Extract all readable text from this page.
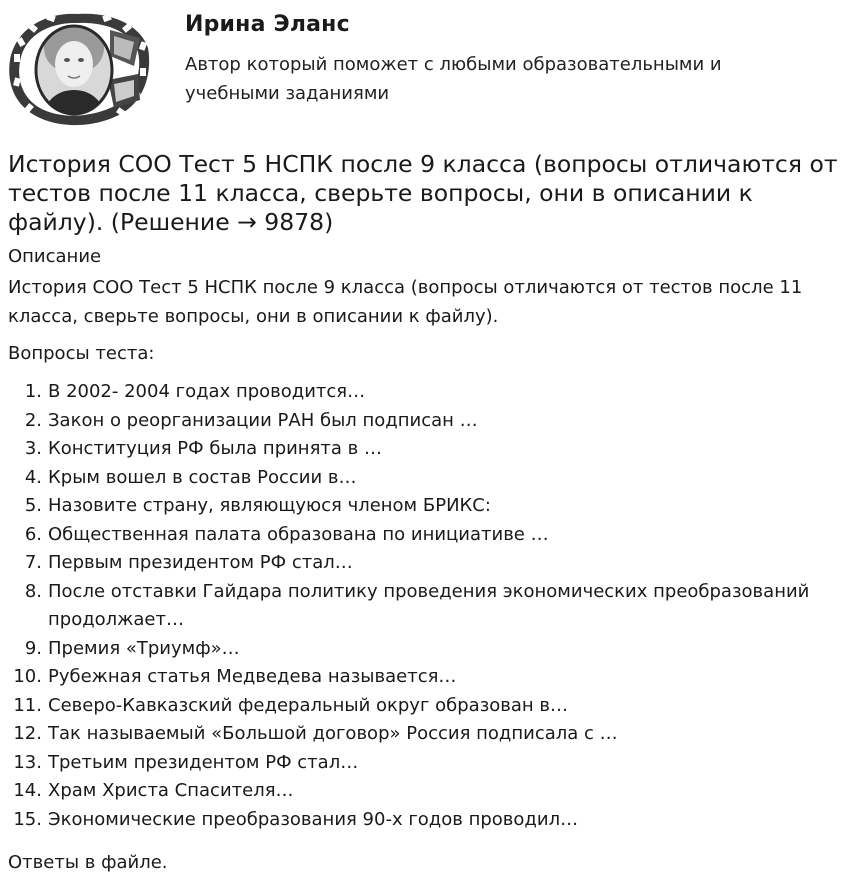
Ирина Эланс
Автор который поможет с любыми образовательными и учебными заданиями
История СОО Тест 5 НСПК после 9 класса (вопросы отличаются от тестов после 11 класса, сверьте вопросы, они в описании к файлу). (Решение → 9878)
Описание
История СОО Тест 5 НСПК после 9 класса (вопросы отличаются от тестов после 11 класса, сверьте вопросы, они в описании к файлу).
Вопросы теста:
1. В 2002- 2004 годах проводится…
2. Закон о реорганизации РАН был подписан …
3. Конституция РФ была принята в …
4. Крым вошел в состав России в…
5. Назовите страну, являющуюся членом БРИКС:
6. Общественная палата образована по инициативе …
7. Первым президентом РФ стал…
8. После отставки Гайдара политику проведения экономических преобразований продолжает…
9. Премия «Триумф»…
10. Рубежная статья Медведева называется…
11. Северо-Кавказский федеральный округ образован в…
12. Так называемый «Большой договор» Россия подписала с …
13. Третьим президентом РФ стал…
14. Храм Христа Спасителя…
15. Экономические преобразования 90-х годов проводил…
Ответы в файле.
